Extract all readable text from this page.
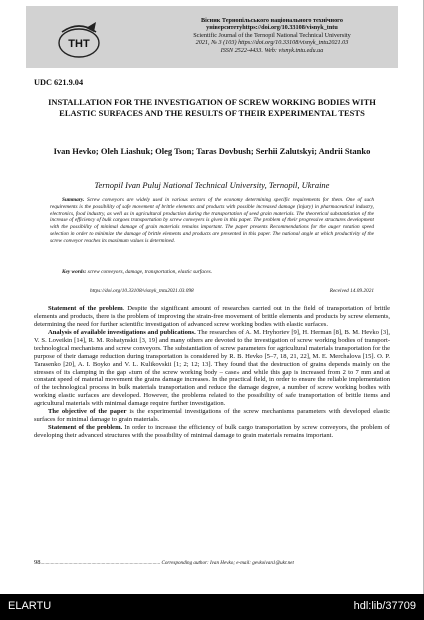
ТНТ
Вісник Тернопільського національного технічного
університетуhttps://doi.org/10.33108/visnyk_tntu
Scientific Journal of the Ternopil National Technical University
2021, № 3 (103) https://doi.org/10.33108/visnyk_tntu2021.03
ISSN 2522-4433. Web: visnyk.tntu.edu.ua
UDC 621.9.04
INSTALLATION FOR THE INVESTIGATION OF SCREW WORKING BODIES WITH ELASTIC SURFACES AND THE RESULTS OF THEIR EXPERIMENTAL TESTS
Ivan Hevko; Oleh Liashuk; Oleg Tson; Taras Dovbush; Serhii Zalutskyi; Andrii Stanko
Ternopil Ivan Puluj National Technical University, Ternopil, Ukraine
Summary. Screw conveyors are widely used in various sectors of the economy determining specific requirements for them. One of such requirements is the possibility of safe movement of brittle elements and products with possible increased damage (injury) in pharmaceutical industry, electronics, food industry, as well as in agricultural production during the transportation of seed grain materials. The theoretical substantiation of the increase of efficiency of bulk cargoes transportation by screw conveyers is given in this paper. The problem of their progressive structures development with the possibility of minimal damage of grain materials remains important. The paper presents Recommendations for the auger rotation speed selection in order to minimize the damage of brittle elements and products are presented in this paper. The national angle at which productivity of the screw conveyor reaches its maximum values is determined.
Key words: screw conveyors, damage, transportation, elastic surfaces.
https://doi.org/10.33108/visnyk_tntu2021.03.098	Received 14.09.2021

Statement of the problem. Despite the significant amount of researches carried out in the field of transportation of brittle elements and products, there is the problem of improving the strain-free movement of brittle elements and products by screw elements, determining the need for further scientific investigation of advanced screw working bodies with elastic surfaces.

Analysis of available investigations and publications. The researches of A. M. Hryhoriev [9], H. Herman [8], B. M. Hevko [3], V. S. Loveikin [14], R. M. Rohatynskii [3, 19] and many others are devoted to the investigation of screw working bodies of transport-technological mechanisms and screw conveyors. The substantiation of screw parameters for agricultural materials transportation for the purpose of their damage reduction during transportation is considered by R. B. Hevko [5–7, 18, 21, 22], M. E. Merchalova [15]. O. P. Tarasenko [20], A. I. Boyko and V. L. Kulikovskii [1; 2; 12; 13]. They found that the destruction of grains depends mainly on the stresses of its clamping in the gap «turn of the screw working body – case» and while this gap is increased from 2 to 7 mm and at constant speed of material movement the grains damage increases. In the practical field, in order to ensure the reliable implementation of the technological process in bulk materials transportation and reduce the damage degree, a number of screw working bodies with working elastic surfaces are developed. However, the problems related to the possibility of safe transportation of brittle items and agricultural materials with minimal damage require further investigation.

The objective of the paper is the experimental investigations of the screw mechanisms parameters with developed elastic surfaces for minimal damage to grain materials.

Statement of the problem. In order to increase the efficiency of bulk cargo transportation by screw conveyors, the problem of developing their advanced structures with the possibility of minimal damage to grain materials remains important.

98.............................................................................................. Corresponding author: Ivan Hevko; e-mail: gevkoivan1@ukr.net
ELARTU	hdl:lib/37709
